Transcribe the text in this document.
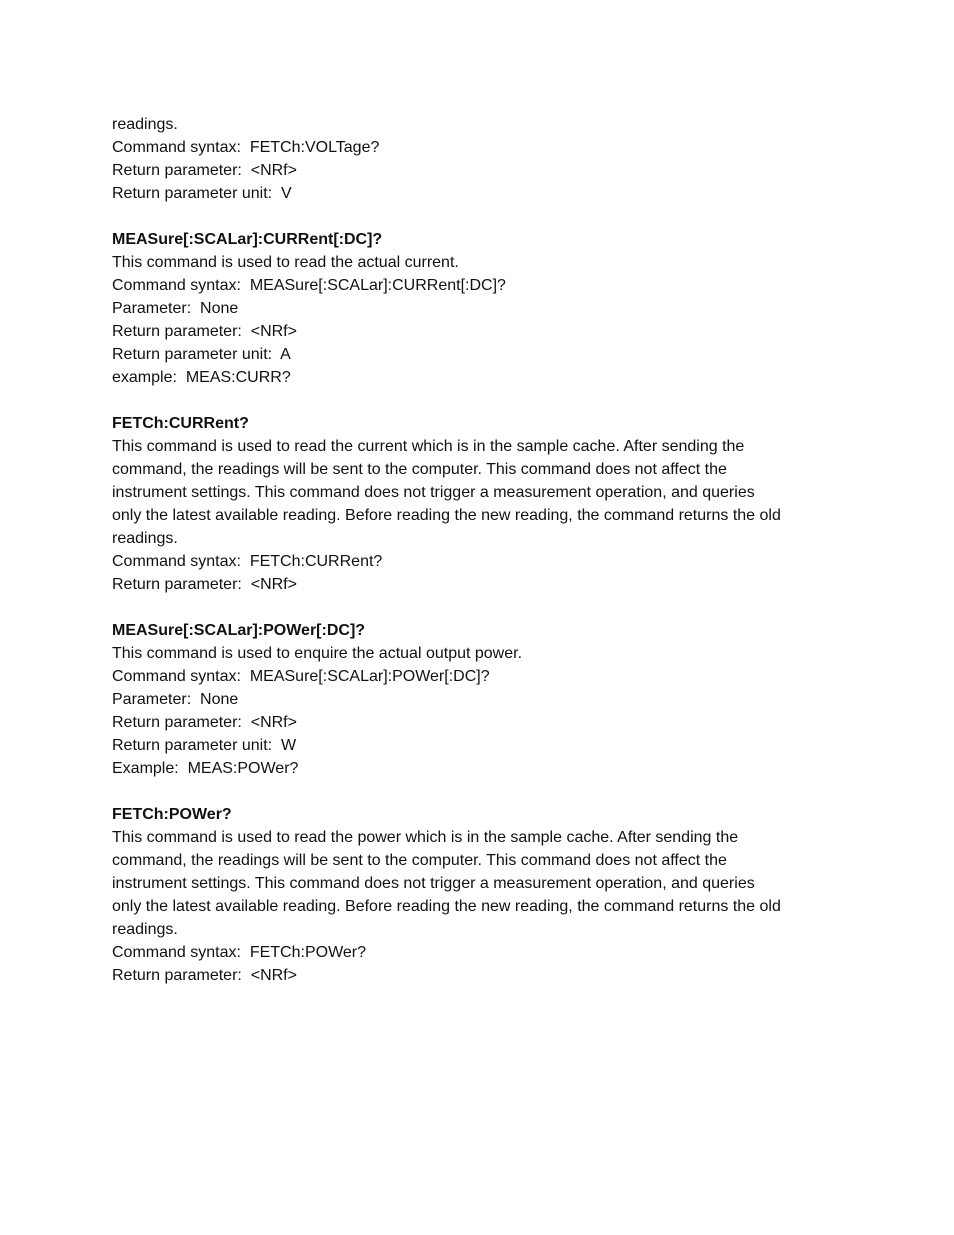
readings.
Command syntax:  FETCh:VOLTage?
Return parameter:  <NRf>
Return parameter unit:  V
MEASure[:SCALar]:CURRent[:DC]?
This command is used to read the actual current.
Command syntax:  MEASure[:SCALar]:CURRent[:DC]?
Parameter:  None
Return parameter:  <NRf>
Return parameter unit:  A
example:  MEAS:CURR?
FETCh:CURRent?
This command is used to read the current which is in the sample cache. After sending the
command, the readings will be sent to the computer. This command does not affect the
instrument settings. This command does not trigger a measurement operation, and queries
only the latest available reading. Before reading the new reading, the command returns the old
readings.
Command syntax:  FETCh:CURRent?
Return parameter:  <NRf>
MEASure[:SCALar]:POWer[:DC]?
This command is used to enquire the actual output power.
Command syntax:  MEASure[:SCALar]:POWer[:DC]?
Parameter:  None
Return parameter:  <NRf>
Return parameter unit:  W
Example:  MEAS:POWer?
FETCh:POWer?
This command is used to read the power which is in the sample cache. After sending the
command, the readings will be sent to the computer. This command does not affect the
instrument settings. This command does not trigger a measurement operation, and queries
only the latest available reading. Before reading the new reading, the command returns the old
readings.
Command syntax:  FETCh:POWer?
Return parameter:  <NRf>
